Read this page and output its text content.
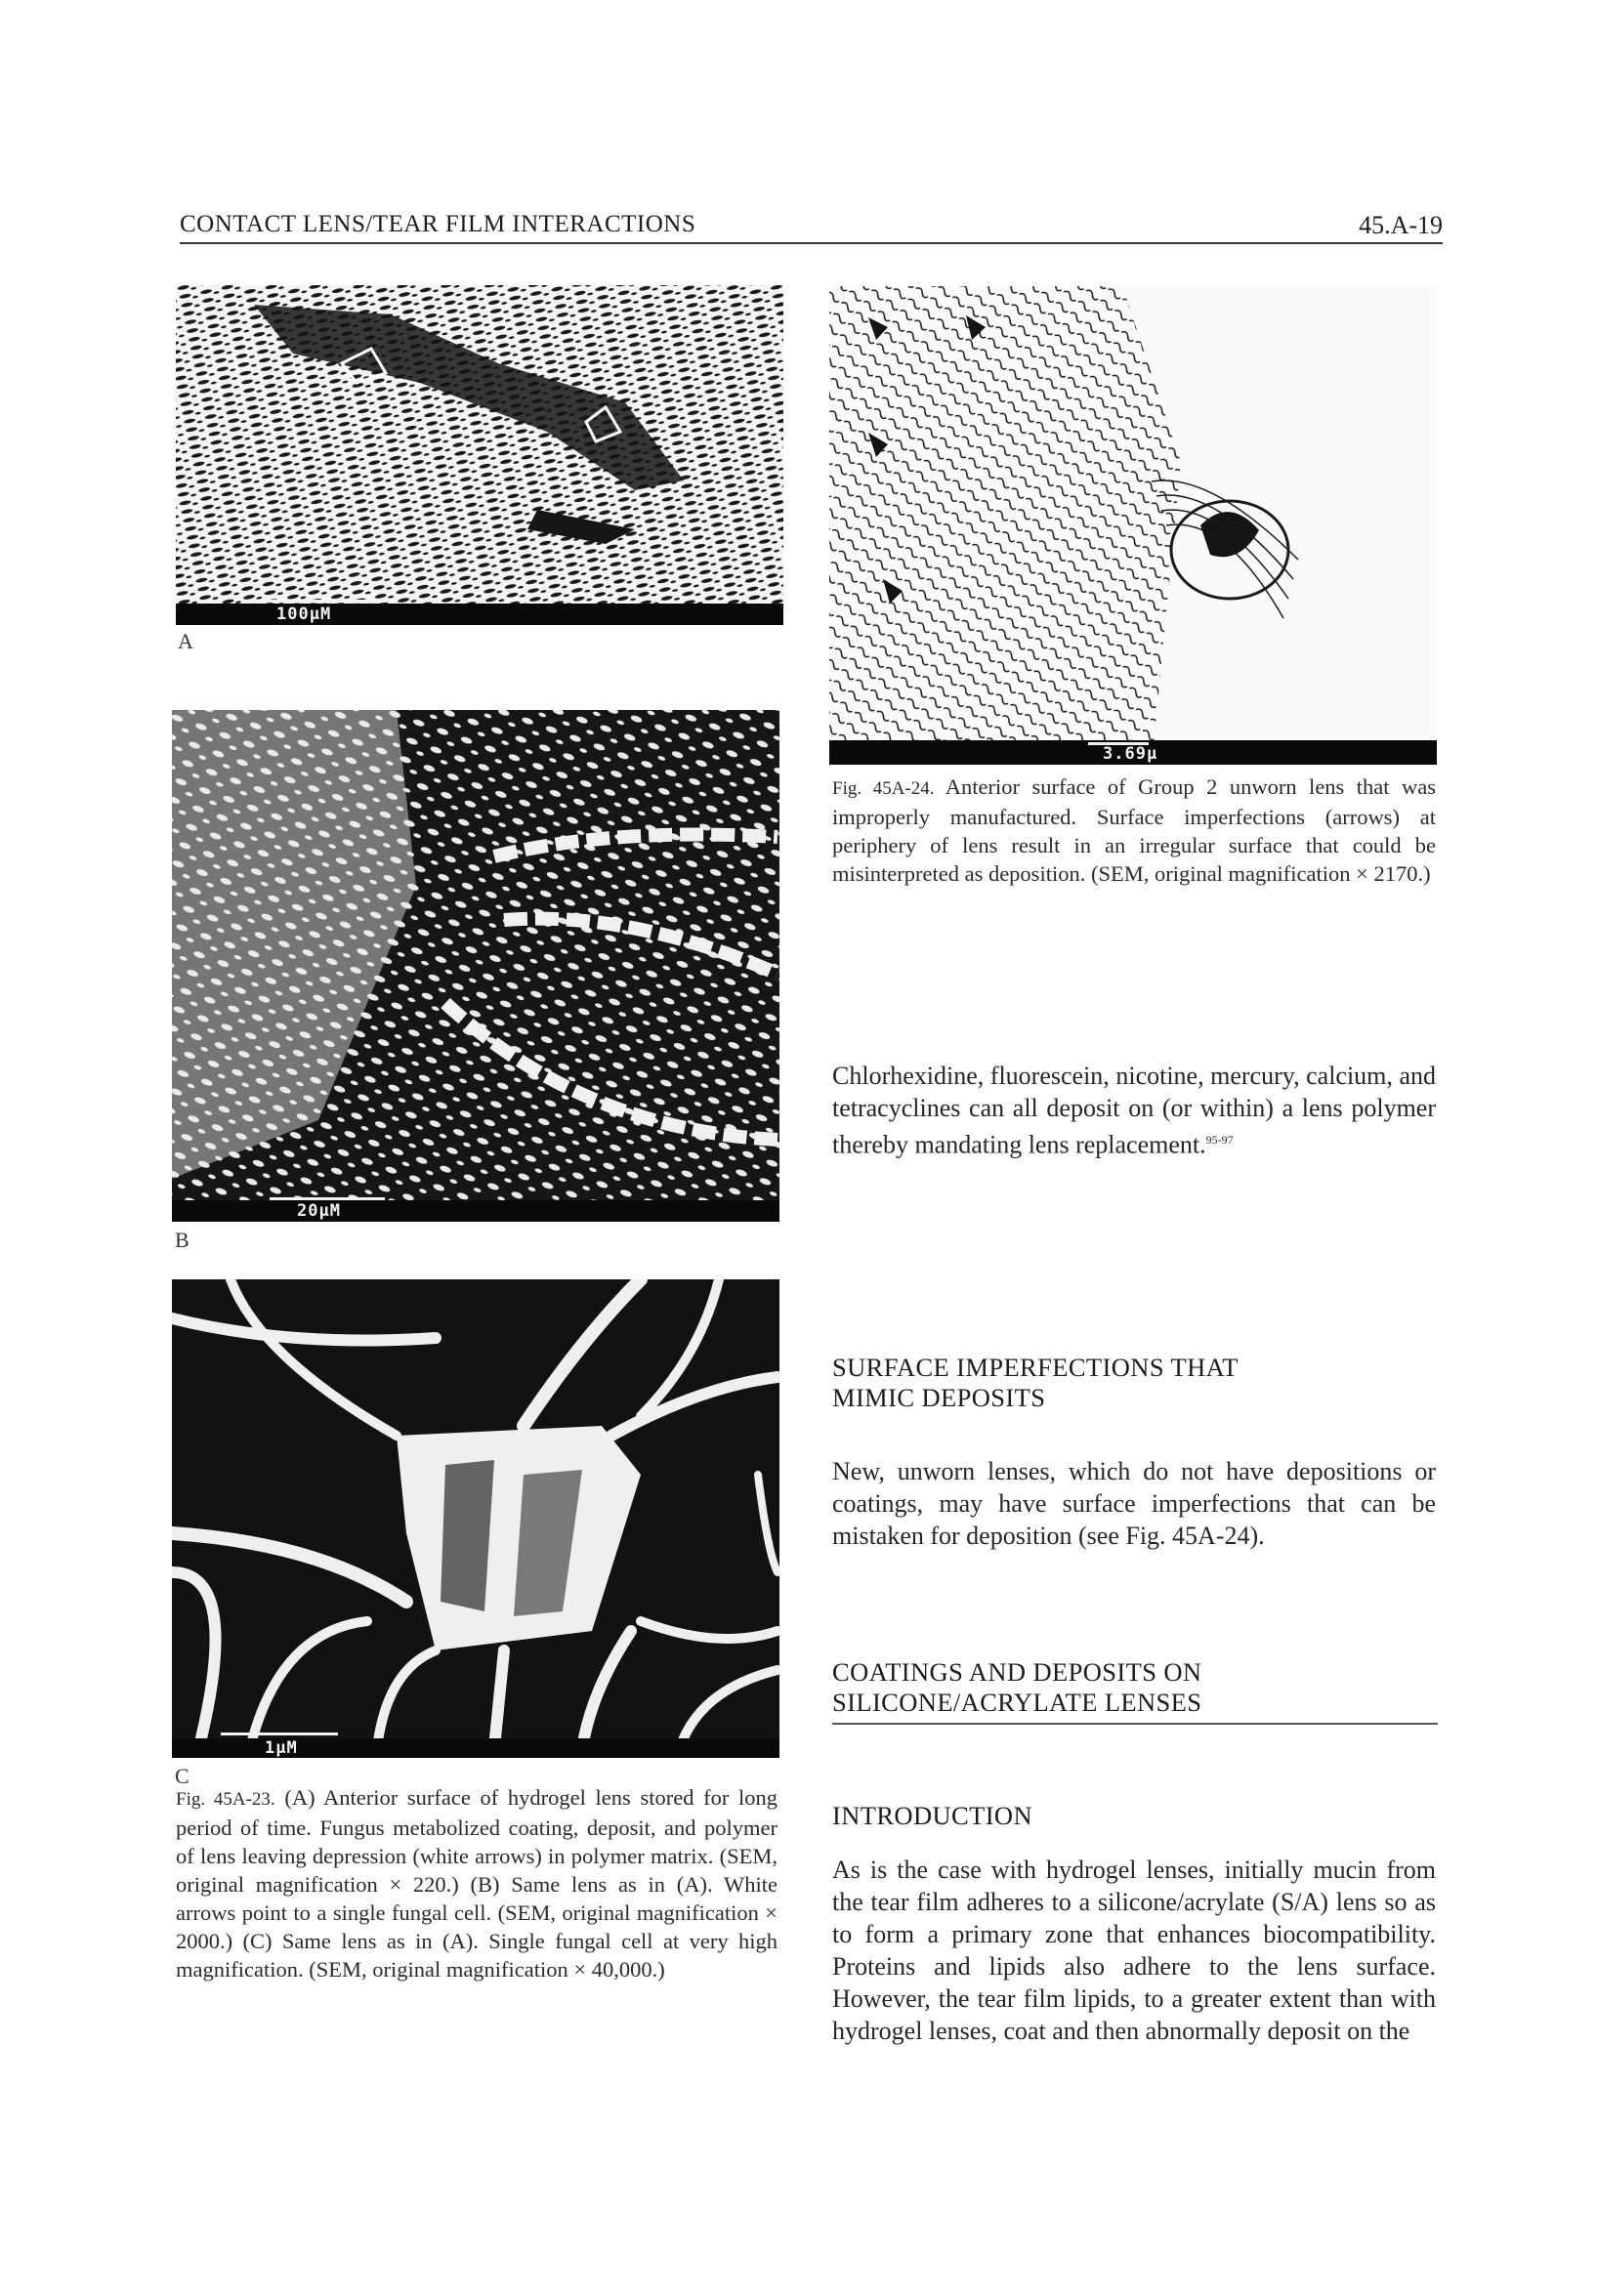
CONTACT LENS/TEAR FILM INTERACTIONS	45.A-19
100µM
A
20µM
B
1µM
C
Fig. 45A-23. (A) Anterior surface of hydrogel lens stored for long period of time. Fungus metabolized coating, deposit, and polymer of lens leaving depression (white arrows) in polymer matrix. (SEM, original magnification × 220.) (B) Same lens as in (A). White arrows point to a single fungal cell. (SEM, original magnification × 2000.) (C) Same lens as in (A). Single fungal cell at very high magnification. (SEM, original magnification × 40,000.)
3.69µ
Fig. 45A-24. Anterior surface of Group 2 unworn lens that was improperly manufactured. Surface imperfections (arrows) at periphery of lens result in an irregular surface that could be misinterpreted as deposition. (SEM, original magnification × 2170.)
Chlorhexidine, fluorescein, nicotine, mercury, calcium, and tetracyclines can all deposit on (or within) a lens polymer thereby mandating lens replacement.$^{95-97}$
SURFACE IMPERFECTIONS THAT MIMIC DEPOSITS
New, unworn lenses, which do not have depositions or coatings, may have surface imperfections that can be mistaken for deposition (see Fig. 45A-24).
COATINGS AND DEPOSITS ON SILICONE/ACRYLATE LENSES
INTRODUCTION
As is the case with hydrogel lenses, initially mucin from the tear film adheres to a silicone/acrylate (S/A) lens so as to form a primary zone that enhances biocompatibility. Proteins and lipids also adhere to the lens surface. However, the tear film lipids, to a greater extent than with hydrogel lenses, coat and then abnormally deposit on the
